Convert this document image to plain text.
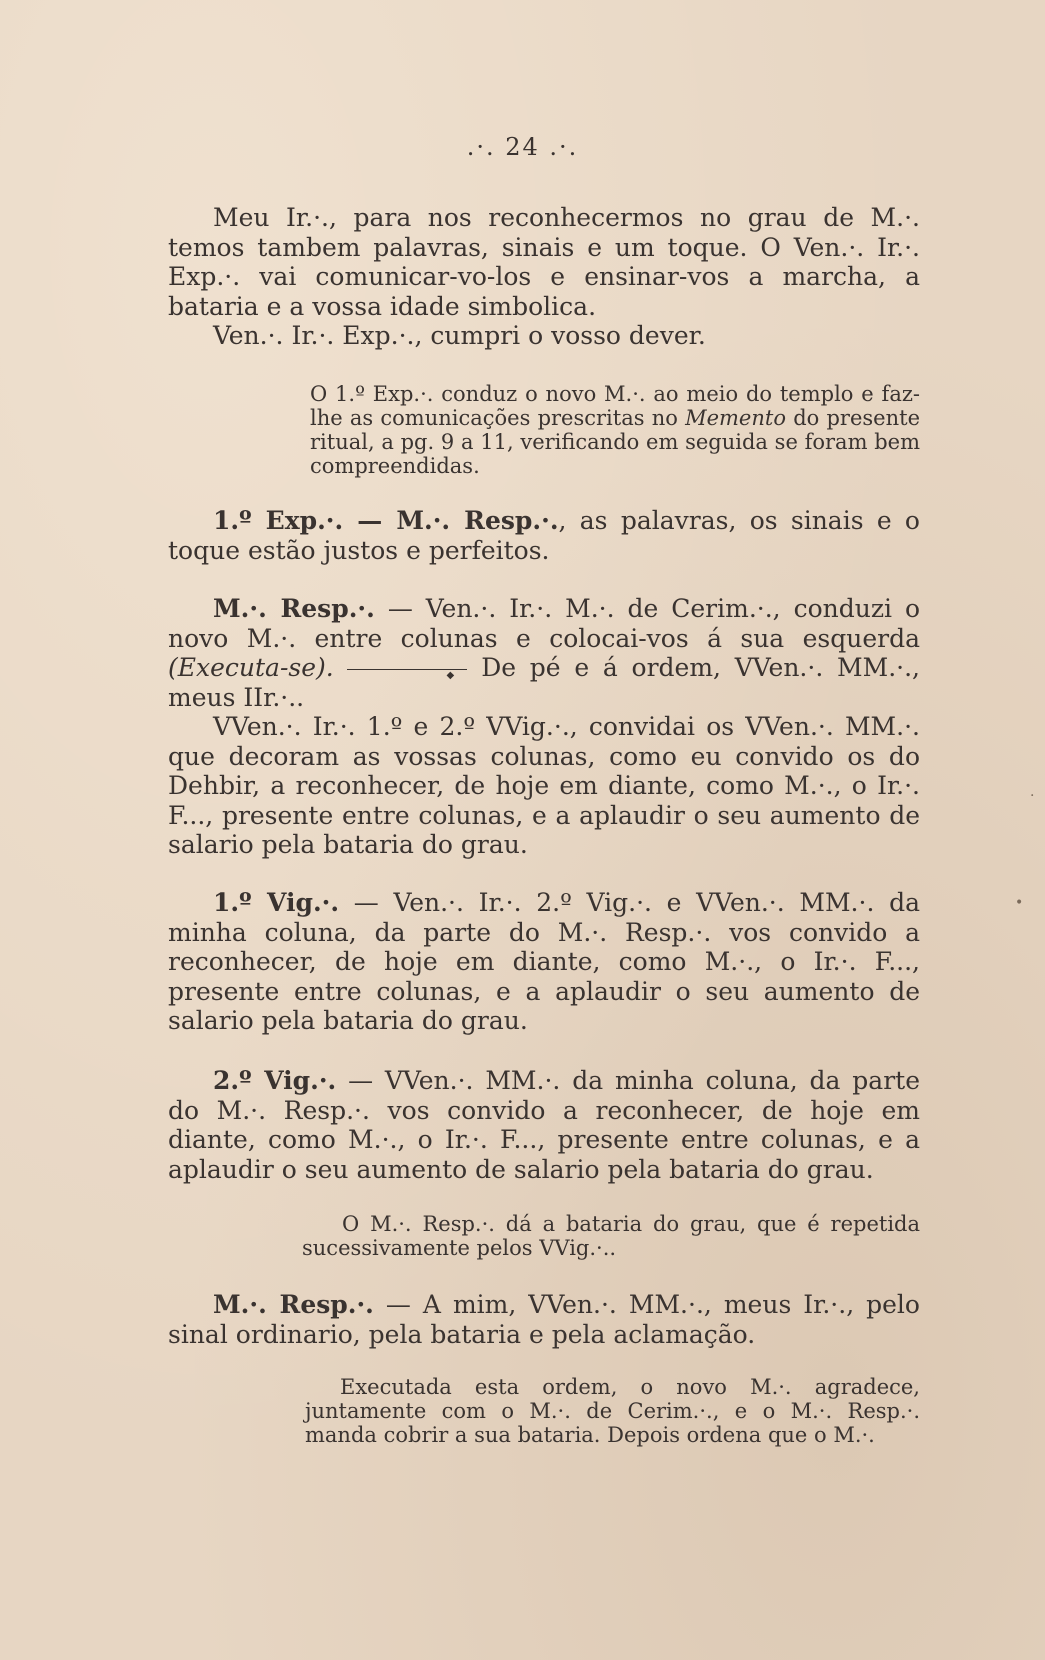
.·. 24 .·.

Meu Ir.·., para nos reconhecermos no grau de M.·. temos tambem palavras, sinais e um toque. O Ven.·. Ir.·. Exp.·. vai comunicar-vo-los e ensinar-vos a marcha, a bataria e a vossa idade simbolica.

Ven.·. Ir.·. Exp.·., cumpri o vosso dever.

O 1.º Exp.·. conduz o novo M.·. ao meio do templo e faz-lhe as comunicações prescritas no Memento do presente ritual, a pg. 9 a 11, verificando em seguida se foram bem compreendidas.

1.º Exp.·. — M.·. Resp.·., as palavras, os sinais e o toque estão justos e perfeitos.

M.·. Resp.·. — Ven.·. Ir.·. M.·. de Cerim.·., conduzi o novo M.·. entre colunas e colocai-vos á sua esquerda (Executa-se). ◆	De pé e á ordem, VVen.·. MM.·., meus IIr.·..

VVen.·. Ir.·. 1.º e 2.º VVig.·., convidai os VVen.·. MM.·. que decoram as vossas colunas, como eu convido os do Dehbir, a reconhecer, de hoje em diante, como M.·., o Ir.·. F..., presente entre colunas, e a aplaudir o seu aumento de salario pela bataria do grau.

1.º Vig.·. — Ven.·. Ir.·. 2.º Vig.·. e VVen.·. MM.·. da minha coluna, da parte do M.·. Resp.·. vos convido a reconhecer, de hoje em diante, como M.·., o Ir.·. F..., presente entre colunas, e a aplaudir o seu aumento de salario pela bataria do grau.

2.º Vig.·. — VVen.·. MM.·. da minha coluna, da parte do M.·. Resp.·. vos convido a reconhecer, de hoje em diante, como M.·., o Ir.·. F..., presente entre colunas, e a aplaudir o seu aumento de salario pela bataria do grau.

O M.·. Resp.·. dá a bataria do grau, que é repetida sucessivamente pelos VVig.·..

M.·. Resp.·. — A mim, VVen.·. MM.·., meus Ir.·., pelo sinal ordinario, pela bataria e pela aclamação.

Executada esta ordem, o novo M.·. agradece, juntamente com o M.·. de Cerim.·., e o M.·. Resp.·. manda cobrir a sua bataria. Depois ordena que o M.·.

·
•
